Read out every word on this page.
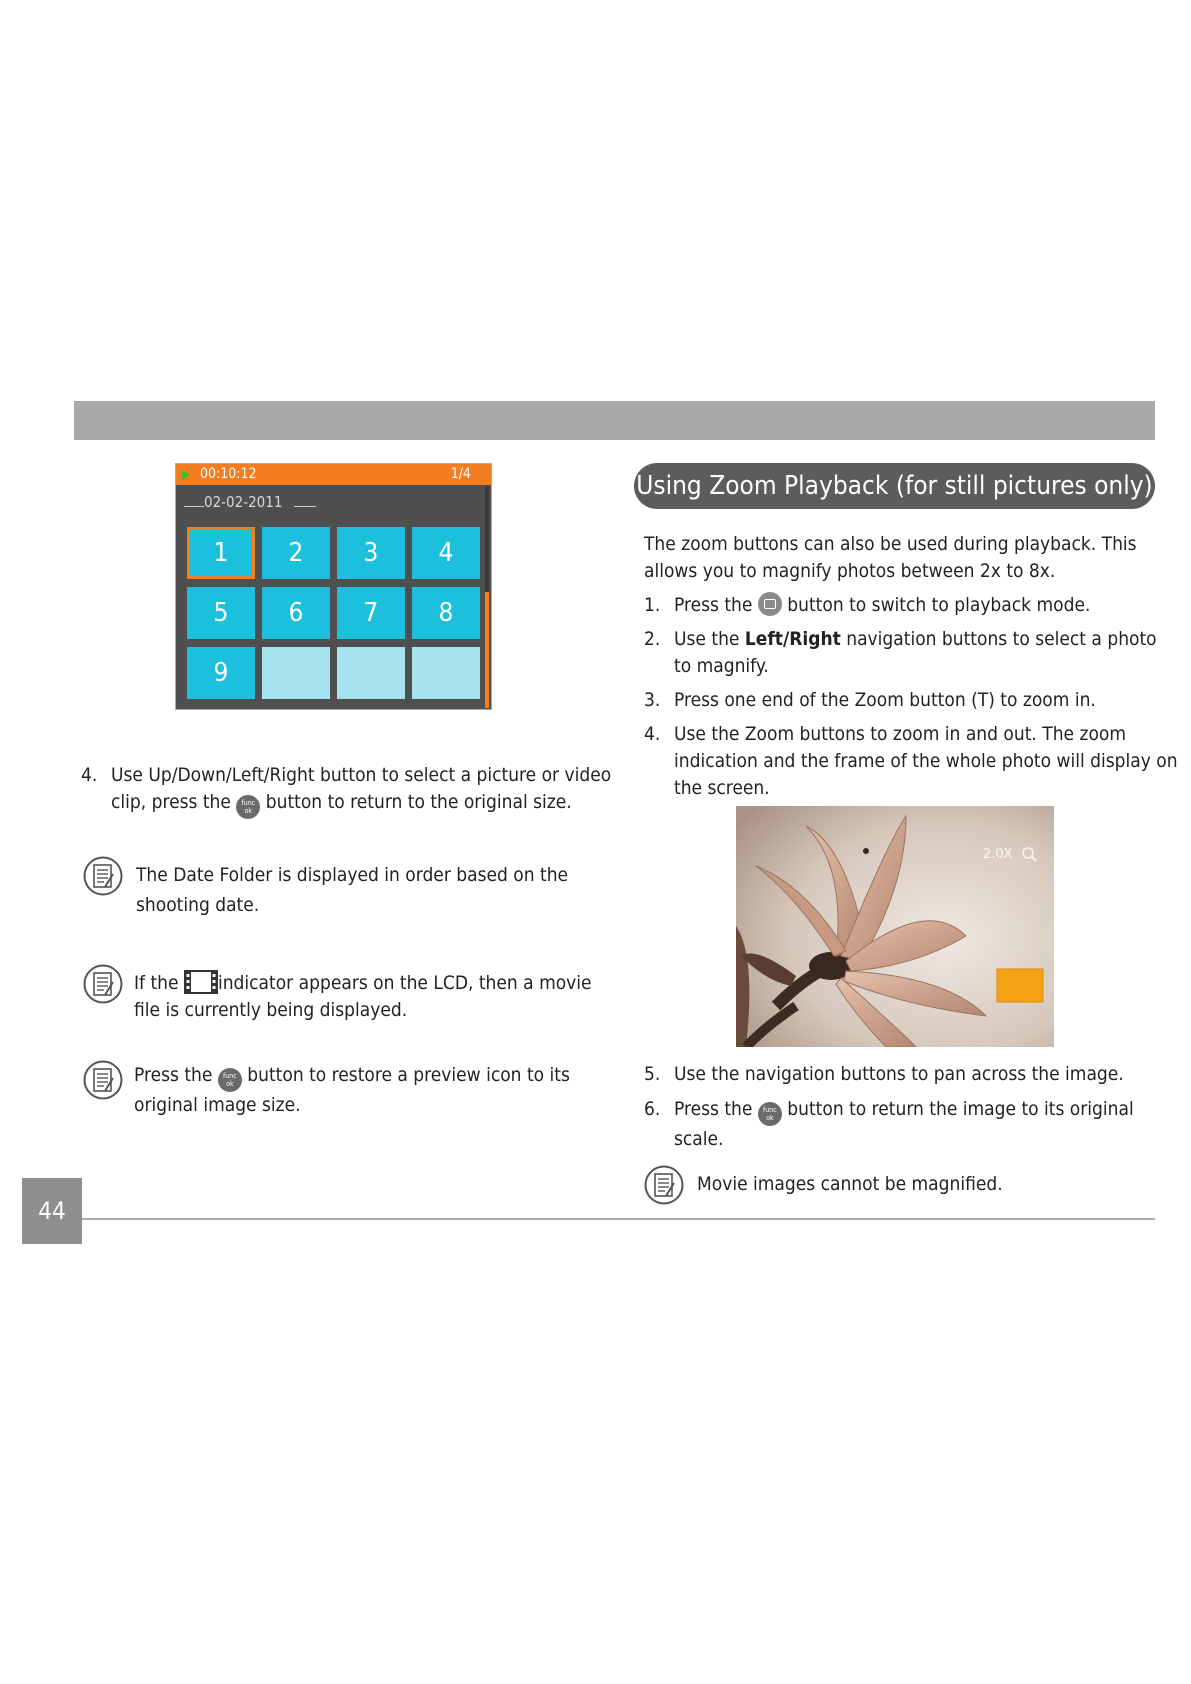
44
▶ 00:10:12	1/4
02-02-2011
1	2	3	4
5	6	7	8
9
4. Use Up/Down/Left/Right button to select a picture or video
clip, press the func
ok button to return to the original size.
The Date Folder is displayed in order based on the
shooting date.
If the indicator appears on the LCD, then a movie
file is currently being displayed.
Press the func
ok button to restore a preview icon to its
original image size.
Using Zoom Playback (for still pictures only)
The zoom buttons can also be used during playback. This
allows you to magnify photos between 2x to 8x.
1. Press the button to switch to playback mode.
2. Use the Left/Right navigation buttons to select a photo
to magnify.
3. Press one end of the Zoom button (T) to zoom in.
4. Use the Zoom buttons to zoom in and out. The zoom
indication and the frame of the whole photo will display on
the screen.
2.0X
5. Use the navigation buttons to pan across the image.
6. Press the func
ok button to return the image to its original
scale.
Movie images cannot be magnified.
